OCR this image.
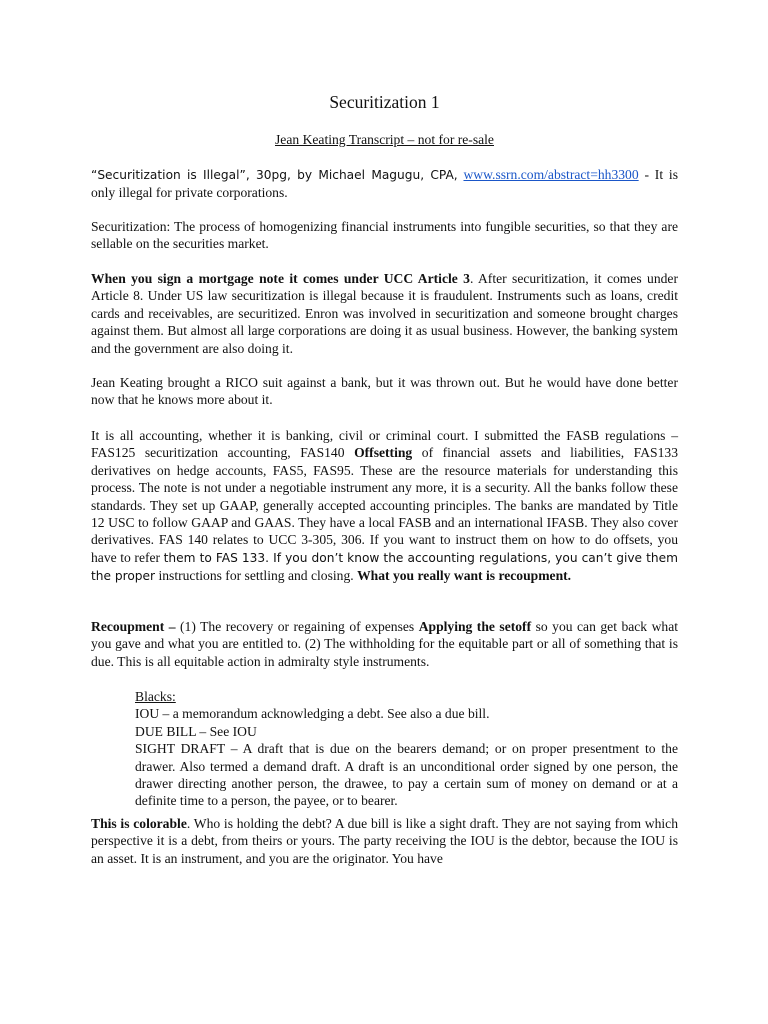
Securitization 1
Jean Keating Transcript – not for re-sale
“Securitization is Illegal”, 30pg, by Michael Magugu, CPA, www.ssrn.com/abstract=hh3300 - It is only illegal for private corporations.
Securitization: The process of homogenizing financial instruments into fungible securities, so that they are sellable on the securities market.
When you sign a mortgage note it comes under UCC Article 3. After securitization, it comes under Article 8. Under US law securitization is illegal because it is fraudulent. Instruments such as loans, credit cards and receivables, are securitized. Enron was involved in securitization and someone brought charges against them. But almost all large corporations are doing it as usual business. However, the banking system and the government are also doing it.
Jean Keating brought a RICO suit against a bank, but it was thrown out. But he would have done better now that he knows more about it.
It is all accounting, whether it is banking, civil or criminal court. I submitted the FASB regulations – FAS125 securitization accounting, FAS140 Offsetting of financial assets and liabilities, FAS133 derivatives on hedge accounts, FAS5, FAS95. These are the resource materials for understanding this process. The note is not under a negotiable instrument any more, it is a security. All the banks follow these standards. They set up GAAP, generally accepted accounting principles. The banks are mandated by Title 12 USC to follow GAAP and GAAS. They have a local FASB and an international IFASB. They also cover derivatives. FAS 140 relates to UCC 3-305, 306. If you want to instruct them on how to do offsets, you have to refer them to FAS 133. If you don’t know the accounting regulations, you can’t give them the proper instructions for settling and closing. What you really want is recoupment.
Recoupment – (1) The recovery or regaining of expenses Applying the setoff so you can get back what you gave and what you are entitled to. (2) The withholding for the equitable part or all of something that is due. This is all equitable action in admiralty style instruments.
Blacks:
IOU – a memorandum acknowledging a debt. See also a due bill.
DUE BILL – See IOU
SIGHT DRAFT – A draft that is due on the bearers demand; or on proper presentment to the drawer. Also termed a demand draft. A draft is an unconditional order signed by one person, the drawer directing another person, the drawee, to pay a certain sum of money on demand or at a definite time to a person, the payee, or to bearer.
This is colorable. Who is holding the debt? A due bill is like a sight draft. They are not saying from which perspective it is a debt, from theirs or yours. The party receiving the IOU is the debtor, because the IOU is an asset. It is an instrument, and you are the originator. You have
